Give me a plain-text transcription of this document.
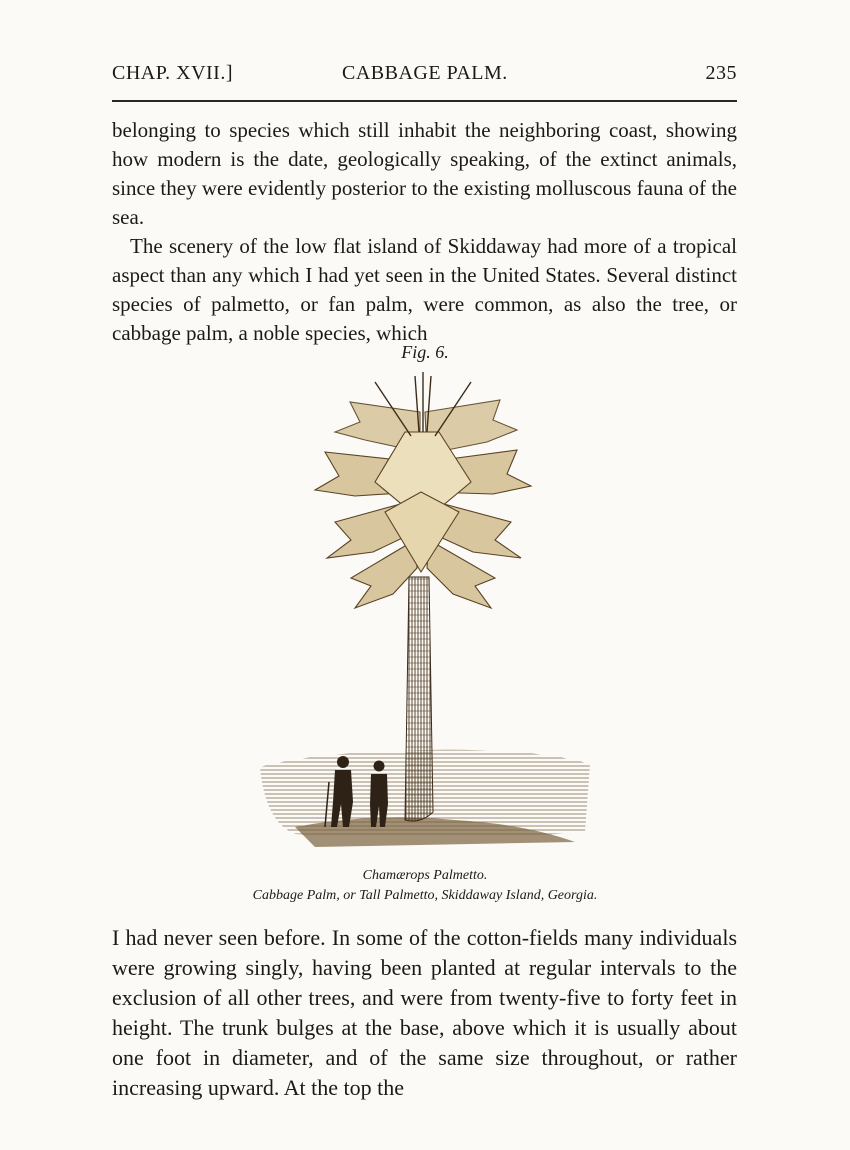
CHAP. XVII.]	CABBAGE PALM.	235

belonging to species which still inhabit the neighboring coast, showing how modern is the date, geologically speaking, of the extinct animals, since they were evidently posterior to the existing molluscous fauna of the sea.

The scenery of the low flat island of Skiddaway had more of a tropical aspect than any which I had yet seen in the United States. Several distinct species of palmetto, or fan palm, were common, as also the tree, or cabbage palm, a noble species, which

Fig. 6.
Chamærops Palmetto.
Cabbage Palm, or Tall Palmetto, Skiddaway Island, Georgia.

I had never seen before. In some of the cotton-fields many individuals were growing singly, having been planted at regular intervals to the exclusion of all other trees, and were from twenty-five to forty feet in height. The trunk bulges at the base, above which it is usually about one foot in diameter, and of the same size throughout, or rather increasing upward. At the top the
